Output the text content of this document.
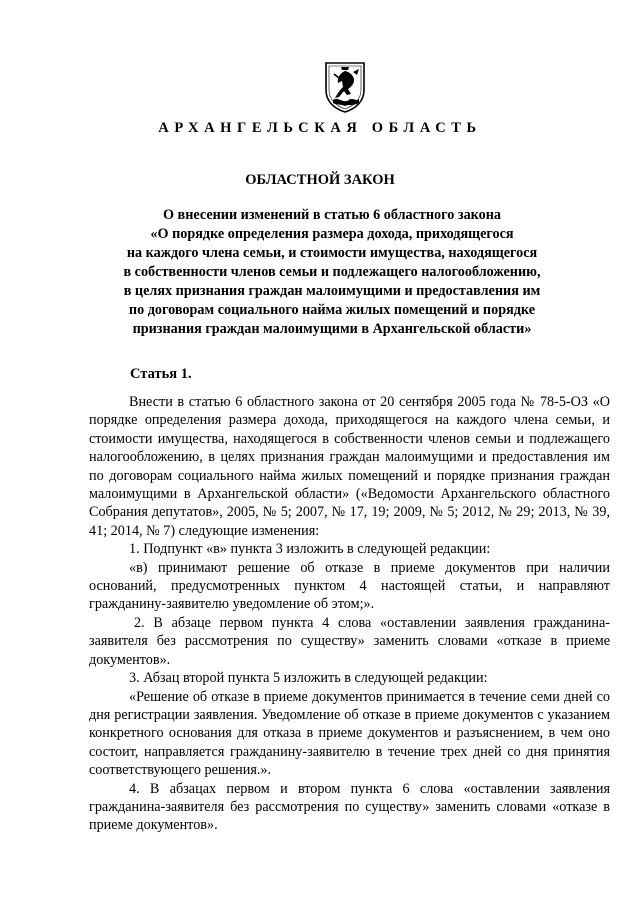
АРХАНГЕЛЬСКАЯ ОБЛАСТЬ
ОБЛАСТНОЙ ЗАКОН
О внесении изменений в статью 6 областного закона
«О порядке определения размера дохода, приходящегося
на каждого члена семьи, и стоимости имущества, находящегося
в собственности членов семьи и подлежащего налогообложению,
в целях признания граждан малоимущими и предоставления им
по договорам социального найма жилых помещений и порядке
признания граждан малоимущими в Архангельской области»
Статья 1.

Внести в статью 6 областного закона от 20 сентября 2005 года № 78-5-ОЗ «О порядке определения размера дохода, приходящегося на каждого члена семьи, и стоимости имущества, находящегося в собственности членов семьи и подлежащего налогообложению, в целях признания граждан малоимущими и предоставления им по договорам социального найма жилых помещений и порядке признания граждан малоимущими в Архангельской области» («Ведомости Архангельского областного Собрания депутатов», 2005, № 5; 2007, № 17, 19; 2009, № 5; 2012, № 29; 2013, № 39, 41; 2014, № 7) следующие изменения:

1. Подпункт «в» пункта 3 изложить в следующей редакции:

«в) принимают решение об отказе в приеме документов при наличии оснований, предусмотренных пунктом 4 настоящей статьи, и направляют гражданину-заявителю уведомление об этом;».

2. В абзаце первом пункта 4 слова «оставлении заявления гражданина-заявителя без рассмотрения по существу» заменить словами «отказе в приеме документов».

3. Абзац второй пункта 5 изложить в следующей редакции:

«Решение об отказе в приеме документов принимается в течение семи дней со дня регистрации заявления. Уведомление об отказе в приеме документов с указанием конкретного основания для отказа в приеме документов и разъяснением, в чем оно состоит, направляется гражданину-заявителю в течение трех дней со дня принятия соответствующего решения.».

4. В абзацах первом и втором пункта 6 слова «оставлении заявления гражданина-заявителя без рассмотрения по существу» заменить словами «отказе в приеме документов».
